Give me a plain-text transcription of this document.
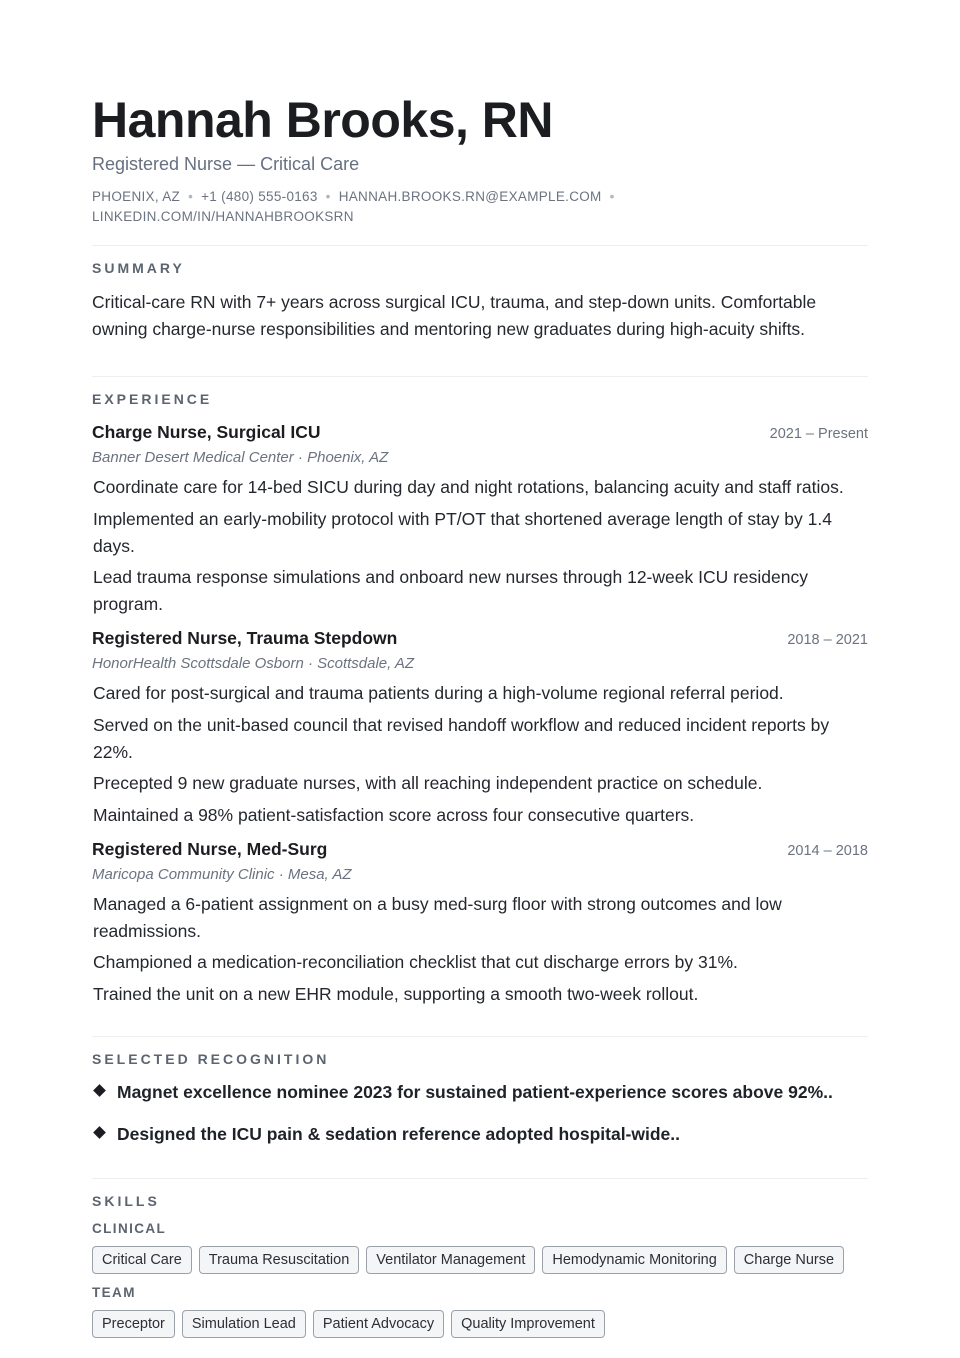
Hannah Brooks, RN
Registered Nurse — Critical Care
PHOENIX, AZ • +1 (480) 555-0163 • HANNAH.BROOKS.RN@EXAMPLE.COM •
LINKEDIN.COM/IN/HANNAHBROOKSRN
SUMMARY

Critical-care RN with 7+ years across surgical ICU, trauma, and step-down units. Comfortable owning charge-nurse responsibilities and mentoring new graduates during high-acuity shifts.

EXPERIENCE
Charge Nurse, Surgical ICU	2021 – Present
Banner Desert Medical Center · Phoenix, AZ
Coordinate care for 14-bed SICU during day and night rotations, balancing acuity and staff ratios.
Implemented an early-mobility protocol with PT/OT that shortened average length of stay by 1.4 days.
Lead trauma response simulations and onboard new nurses through 12-week ICU residency program.
Registered Nurse, Trauma Stepdown	2018 – 2021
HonorHealth Scottsdale Osborn · Scottsdale, AZ
Cared for post-surgical and trauma patients during a high-volume regional referral period.
Served on the unit-based council that revised handoff workflow and reduced incident reports by 22%.
Precepted 9 new graduate nurses, with all reaching independent practice on schedule.
Maintained a 98% patient-satisfaction score across four consecutive quarters.
Registered Nurse, Med-Surg	2014 – 2018
Maricopa Community Clinic · Mesa, AZ
Managed a 6-patient assignment on a busy med-surg floor with strong outcomes and low readmissions.
Championed a medication-reconciliation checklist that cut discharge errors by 31%.
Trained the unit on a new EHR module, supporting a smooth two-week rollout.
SELECTED RECOGNITION
Magnet excellence nominee 2023 for sustained patient-experience scores above 92%..
Designed the ICU pain & sedation reference adopted hospital-wide..
SKILLS
CLINICAL
Critical Care	Trauma Resuscitation	Ventilator Management	Hemodynamic Monitoring	Charge Nurse
TEAM
Preceptor	Simulation Lead	Patient Advocacy	Quality Improvement
